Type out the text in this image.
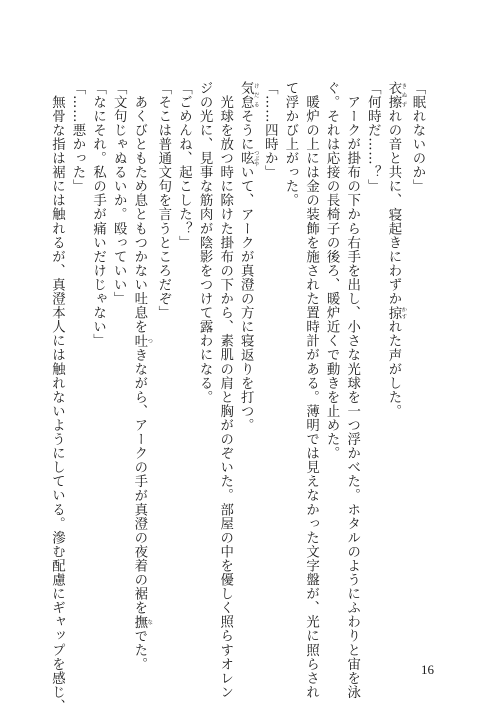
「眠れないのか」
衣擦 きぬずれの音と共に、寝起きにわずか掠 かすれた声がした。
「何時だ……？」
　アークが掛布の下から右手を出し、小さな光球を一つ浮かべた。ホタルのようにふわりと宙を泳
ぐ。それは応接の長椅子の後ろ、暖炉近くで動きを止めた。
　暖炉の上には金の装飾を施された置時計がある。薄明では見えなかった文字盤が、光に照らされ
て浮かび上がった。
「……四時か」
気怠 けだるそうに呟 つぶやいて、アークが真澄の方に寝返りを打つ。
　光球を放つ時に除けた掛布の下から、素肌の肩と胸がのぞいた。部屋の中を優しく照らすオレン
ジの光に、見事な筋肉が陰影をつけて露わになる。
「ごめんね、起こした？」
「そこは普通文句を言うところだぞ」
　あくびともため息ともつかない吐息を吐 つきながら、アークの手が真澄の夜着の裾を撫 なでた。
「文句じゃぬるいか。殴っていい」
「なにそれ。私の手が痛いだけじゃない」
「……悪かった」
　無骨な指は裾には触れるが、真澄本人には触れないようにしている。滲む配慮にギャップを感じ、	16
